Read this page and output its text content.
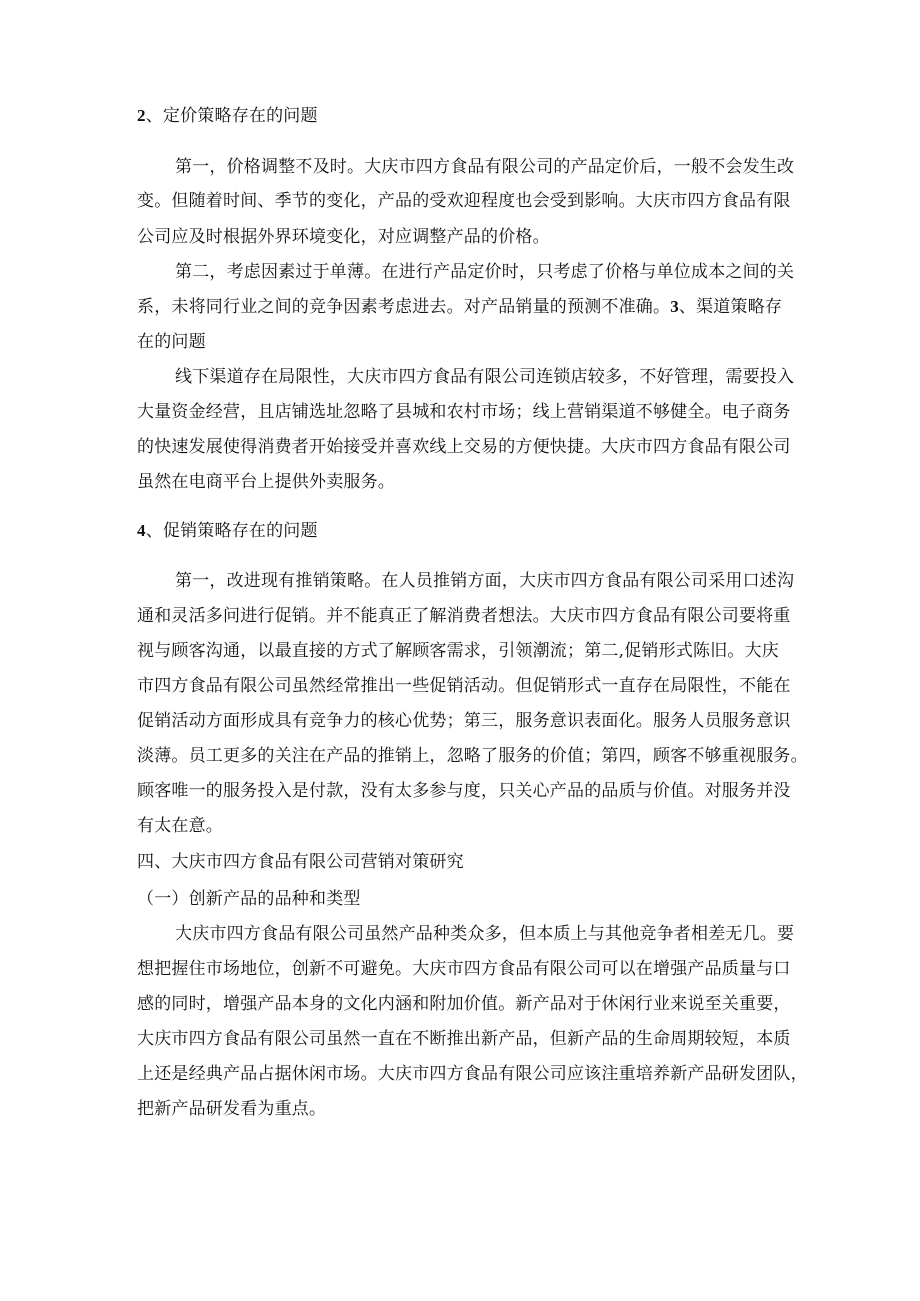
2、定价策略存在的问题
第一，价格调整不及时。大庆市四方食品有限公司的产品定价后，一般不会发生改
变。但随着时间、季节的变化，产品的受欢迎程度也会受到影响。大庆市四方食品有限
公司应及时根据外界环境变化，对应调整产品的价格。
第二，考虑因素过于单薄。在进行产品定价时，只考虑了价格与单位成本之间的关
系，未将同行业之间的竞争因素考虑进去。对产品销量的预测不准确。3、渠道策略存
在的问题
线下渠道存在局限性，大庆市四方食品有限公司连锁店较多，不好管理，需要投入
大量资金经营，且店铺选址忽略了县城和农村市场；线上营销渠道不够健全。电子商务
的快速发展使得消费者开始接受并喜欢线上交易的方便快捷。大庆市四方食品有限公司
虽然在电商平台上提供外卖服务。
4、促销策略存在的问题
第一，改进现有推销策略。在人员推销方面，大庆市四方食品有限公司采用口述沟
通和灵活多问进行促销。并不能真正了解消费者想法。大庆市四方食品有限公司要将重
视与顾客沟通，以最直接的方式了解顾客需求，引领潮流；第二,促销形式陈旧。大庆
市四方食品有限公司虽然经常推出一些促销活动。但促销形式一直存在局限性，不能在
促销活动方面形成具有竞争力的核心优势；第三，服务意识表面化。服务人员服务意识
淡薄。员工更多的关注在产品的推销上，忽略了服务的价值；第四，顾客不够重视服务。
顾客唯一的服务投入是付款，没有太多参与度，只关心产品的品质与价值。对服务并没
有太在意。
四、大庆市四方食品有限公司营销对策研究
（一）创新产品的品种和类型
大庆市四方食品有限公司虽然产品种类众多，但本质上与其他竞争者相差无几。要
想把握住市场地位，创新不可避免。大庆市四方食品有限公司可以在增强产品质量与口
感的同时，增强产品本身的文化内涵和附加价值。新产品对于休闲行业来说至关重要，
大庆市四方食品有限公司虽然一直在不断推出新产品，但新产品的生命周期较短，本质
上还是经典产品占据休闲市场。大庆市四方食品有限公司应该注重培养新产品研发团队，
把新产品研发看为重点。
